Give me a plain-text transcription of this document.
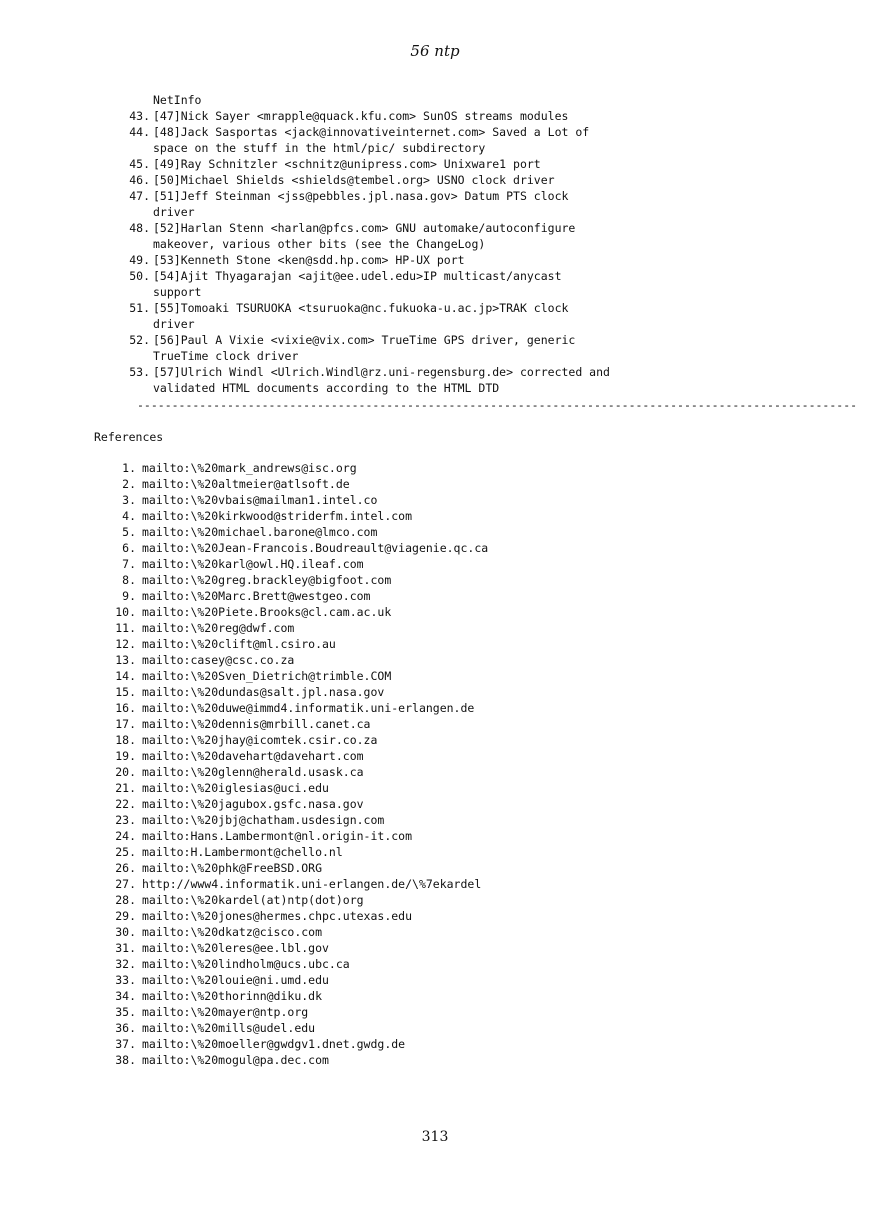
56 ntp
NetInfo
43. [47]Nick Sayer <mrapple@quack.kfu.com> SunOS streams modules
44. [48]Jack Sasportas <jack@innovativeinternet.com> Saved a Lot of
space on the stuff in the html/pic/ subdirectory
45. [49]Ray Schnitzler <schnitz@unipress.com> Unixware1 port
46. [50]Michael Shields <shields@tembel.org> USNO clock driver
47. [51]Jeff Steinman <jss@pebbles.jpl.nasa.gov> Datum PTS clock
driver
48. [52]Harlan Stenn <harlan@pfcs.com> GNU automake/autoconfigure
makeover, various other bits (see the ChangeLog)
49. [53]Kenneth Stone <ken@sdd.hp.com> HP-UX port
50. [54]Ajit Thyagarajan <ajit@ee.udel.edu>IP multicast/anycast
support
51. [55]Tomoaki TSURUOKA <tsuruoka@nc.fukuoka-u.ac.jp>TRAK clock
driver
52. [56]Paul A Vixie <vixie@vix.com> TrueTime GPS driver, generic
TrueTime clock driver
53. [57]Ulrich Windl <Ulrich.Windl@rz.uni-regensburg.de> corrected and
validated HTML documents according to the HTML DTD
--------------------------------------------------------------------------------------------------------
References
1. mailto:\%20mark_andrews@isc.org
2. mailto:\%20altmeier@atlsoft.de
3. mailto:\%20vbais@mailman1.intel.co
4. mailto:\%20kirkwood@striderfm.intel.com
5. mailto:\%20michael.barone@lmco.com
6. mailto:\%20Jean-Francois.Boudreault@viagenie.qc.ca
7. mailto:\%20karl@owl.HQ.ileaf.com
8. mailto:\%20greg.brackley@bigfoot.com
9. mailto:\%20Marc.Brett@westgeo.com
10. mailto:\%20Piete.Brooks@cl.cam.ac.uk
11. mailto:\%20reg@dwf.com
12. mailto:\%20clift@ml.csiro.au
13. mailto:casey@csc.co.za
14. mailto:\%20Sven_Dietrich@trimble.COM
15. mailto:\%20dundas@salt.jpl.nasa.gov
16. mailto:\%20duwe@immd4.informatik.uni-erlangen.de
17. mailto:\%20dennis@mrbill.canet.ca
18. mailto:\%20jhay@icomtek.csir.co.za
19. mailto:\%20davehart@davehart.com
20. mailto:\%20glenn@herald.usask.ca
21. mailto:\%20iglesias@uci.edu
22. mailto:\%20jagubox.gsfc.nasa.gov
23. mailto:\%20jbj@chatham.usdesign.com
24. mailto:Hans.Lambermont@nl.origin-it.com
25. mailto:H.Lambermont@chello.nl
26. mailto:\%20phk@FreeBSD.ORG
27. http://www4.informatik.uni-erlangen.de/\%7ekardel
28. mailto:\%20kardel(at)ntp(dot)org
29. mailto:\%20jones@hermes.chpc.utexas.edu
30. mailto:\%20dkatz@cisco.com
31. mailto:\%20leres@ee.lbl.gov
32. mailto:\%20lindholm@ucs.ubc.ca
33. mailto:\%20louie@ni.umd.edu
34. mailto:\%20thorinn@diku.dk
35. mailto:\%20mayer@ntp.org
36. mailto:\%20mills@udel.edu
37. mailto:\%20moeller@gwdgv1.dnet.gwdg.de
38. mailto:\%20mogul@pa.dec.com
313
